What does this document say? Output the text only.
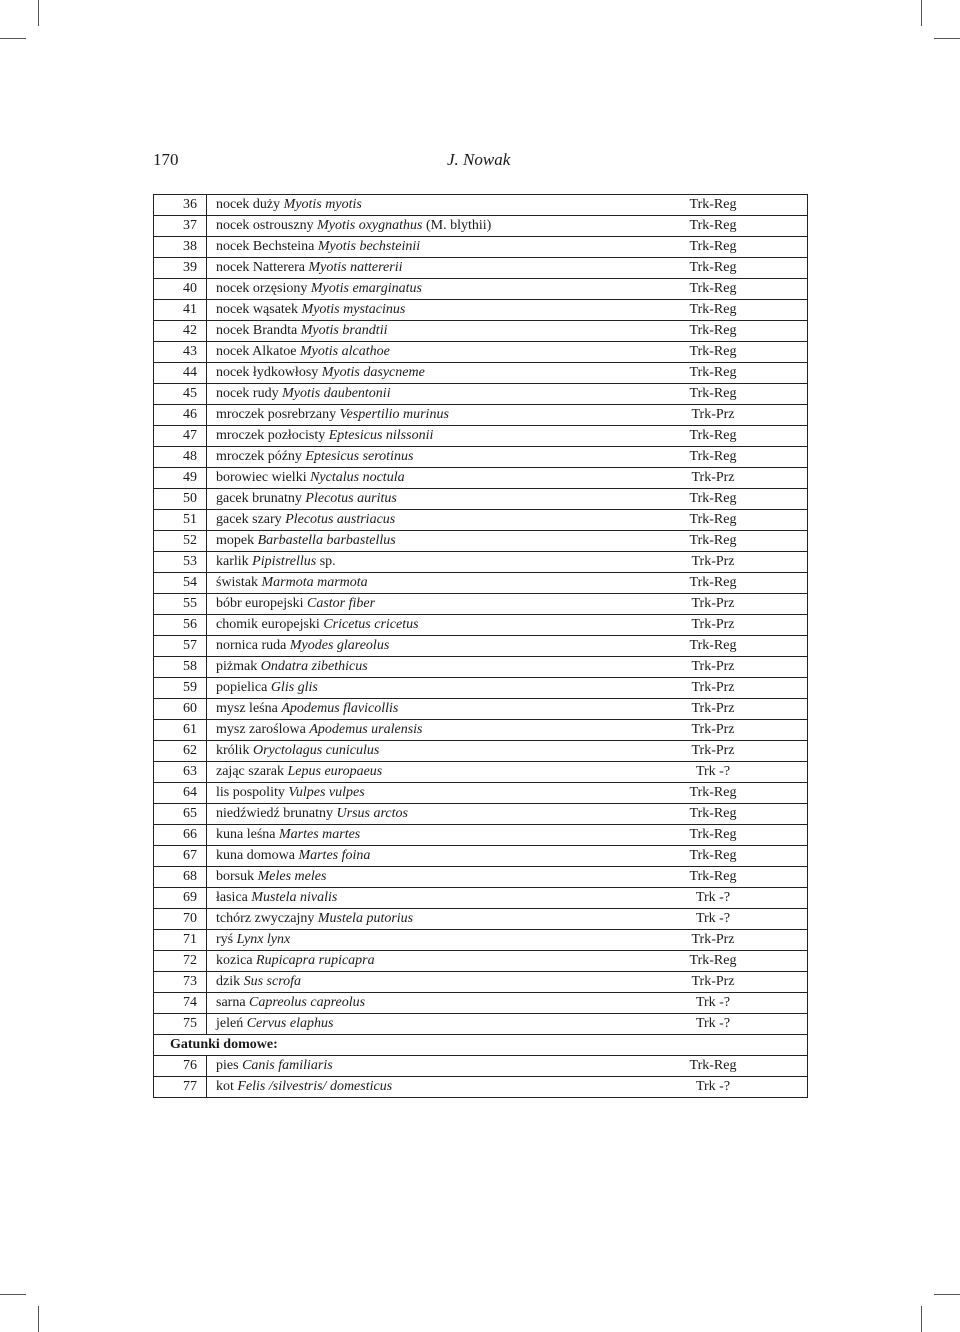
170	J. Nowak
36	nocek duży Myotis myotis	Trk-Reg
37	nocek ostrouszny Myotis oxygnathus (M. blythii)	Trk-Reg
38	nocek Bechsteina Myotis bechsteinii	Trk-Reg
39	nocek Natterera Myotis nattererii	Trk-Reg
40	nocek orzęsiony Myotis emarginatus	Trk-Reg
41	nocek wąsatek Myotis mystacinus	Trk-Reg
42	nocek Brandta Myotis brandtii	Trk-Reg
43	nocek Alkatoe Myotis alcathoe	Trk-Reg
44	nocek łydkowłosy Myotis dasycneme	Trk-Reg
45	nocek rudy Myotis daubentonii	Trk-Reg
46	mroczek posrebrzany Vespertilio murinus	Trk-Prz
47	mroczek pozłocisty Eptesicus nilssonii	Trk-Reg
48	mroczek późny Eptesicus serotinus	Trk-Reg
49	borowiec wielki Nyctalus noctula	Trk-Prz
50	gacek brunatny Plecotus auritus	Trk-Reg
51	gacek szary Plecotus austriacus	Trk-Reg
52	mopek Barbastella barbastellus	Trk-Reg
53	karlik Pipistrellus sp.	Trk-Prz
54	świstak Marmota marmota	Trk-Reg
55	bóbr europejski Castor fiber	Trk-Prz
56	chomik europejski Cricetus cricetus	Trk-Prz
57	nornica ruda Myodes glareolus	Trk-Reg
58	piżmak Ondatra zibethicus	Trk-Prz
59	popielica Glis glis	Trk-Prz
60	mysz leśna Apodemus flavicollis	Trk-Prz
61	mysz zaroślowa Apodemus uralensis	Trk-Prz
62	królik Oryctolagus cuniculus	Trk-Prz
63	zając szarak Lepus europaeus	Trk -?
64	lis pospolity Vulpes vulpes	Trk-Reg
65	niedźwiedź brunatny Ursus arctos	Trk-Reg
66	kuna leśna Martes martes	Trk-Reg
67	kuna domowa Martes foina	Trk-Reg
68	borsuk Meles meles	Trk-Reg
69	łasica Mustela nivalis	Trk -?
70	tchórz zwyczajny Mustela putorius	Trk -?
71	ryś Lynx lynx	Trk-Prz
72	kozica Rupicapra rupicapra	Trk-Reg
73	dzik Sus scrofa	Trk-Prz
74	sarna Capreolus capreolus	Trk -?
75	jeleń Cervus elaphus	Trk -?
Gatunki domowe:		
76	pies Canis familiaris	Trk-Reg
77	kot Felis /silvestris/ domesticus	Trk -?
